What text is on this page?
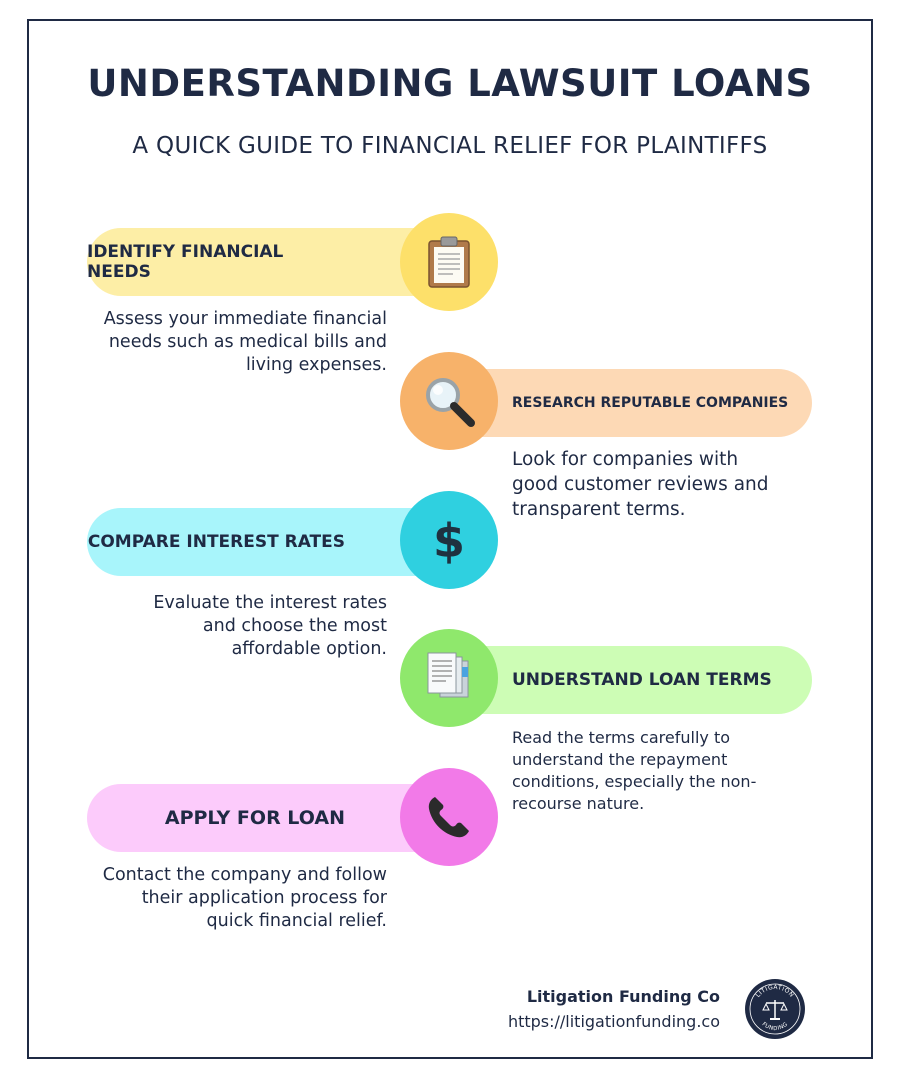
UNDERSTANDING LAWSUIT LOANS
A QUICK GUIDE TO FINANCIAL RELIEF FOR PLAINTIFFS
IDENTIFY FINANCIAL NEEDS
Assess your immediate financial needs such as medical bills and living expenses.
RESEARCH REPUTABLE COMPANIES
Look for companies with good customer reviews and transparent terms.
COMPARE INTEREST RATES $
Evaluate the interest rates and choose the most affordable option.
UNDERSTAND LOAN TERMS
Read the terms carefully to understand the repayment conditions, especially the non-recourse nature.
APPLY FOR LOAN
Contact the company and follow their application process for quick financial relief.
Litigation Funding Co
https://litigationfunding.co
LITIGATION
FUNDING
